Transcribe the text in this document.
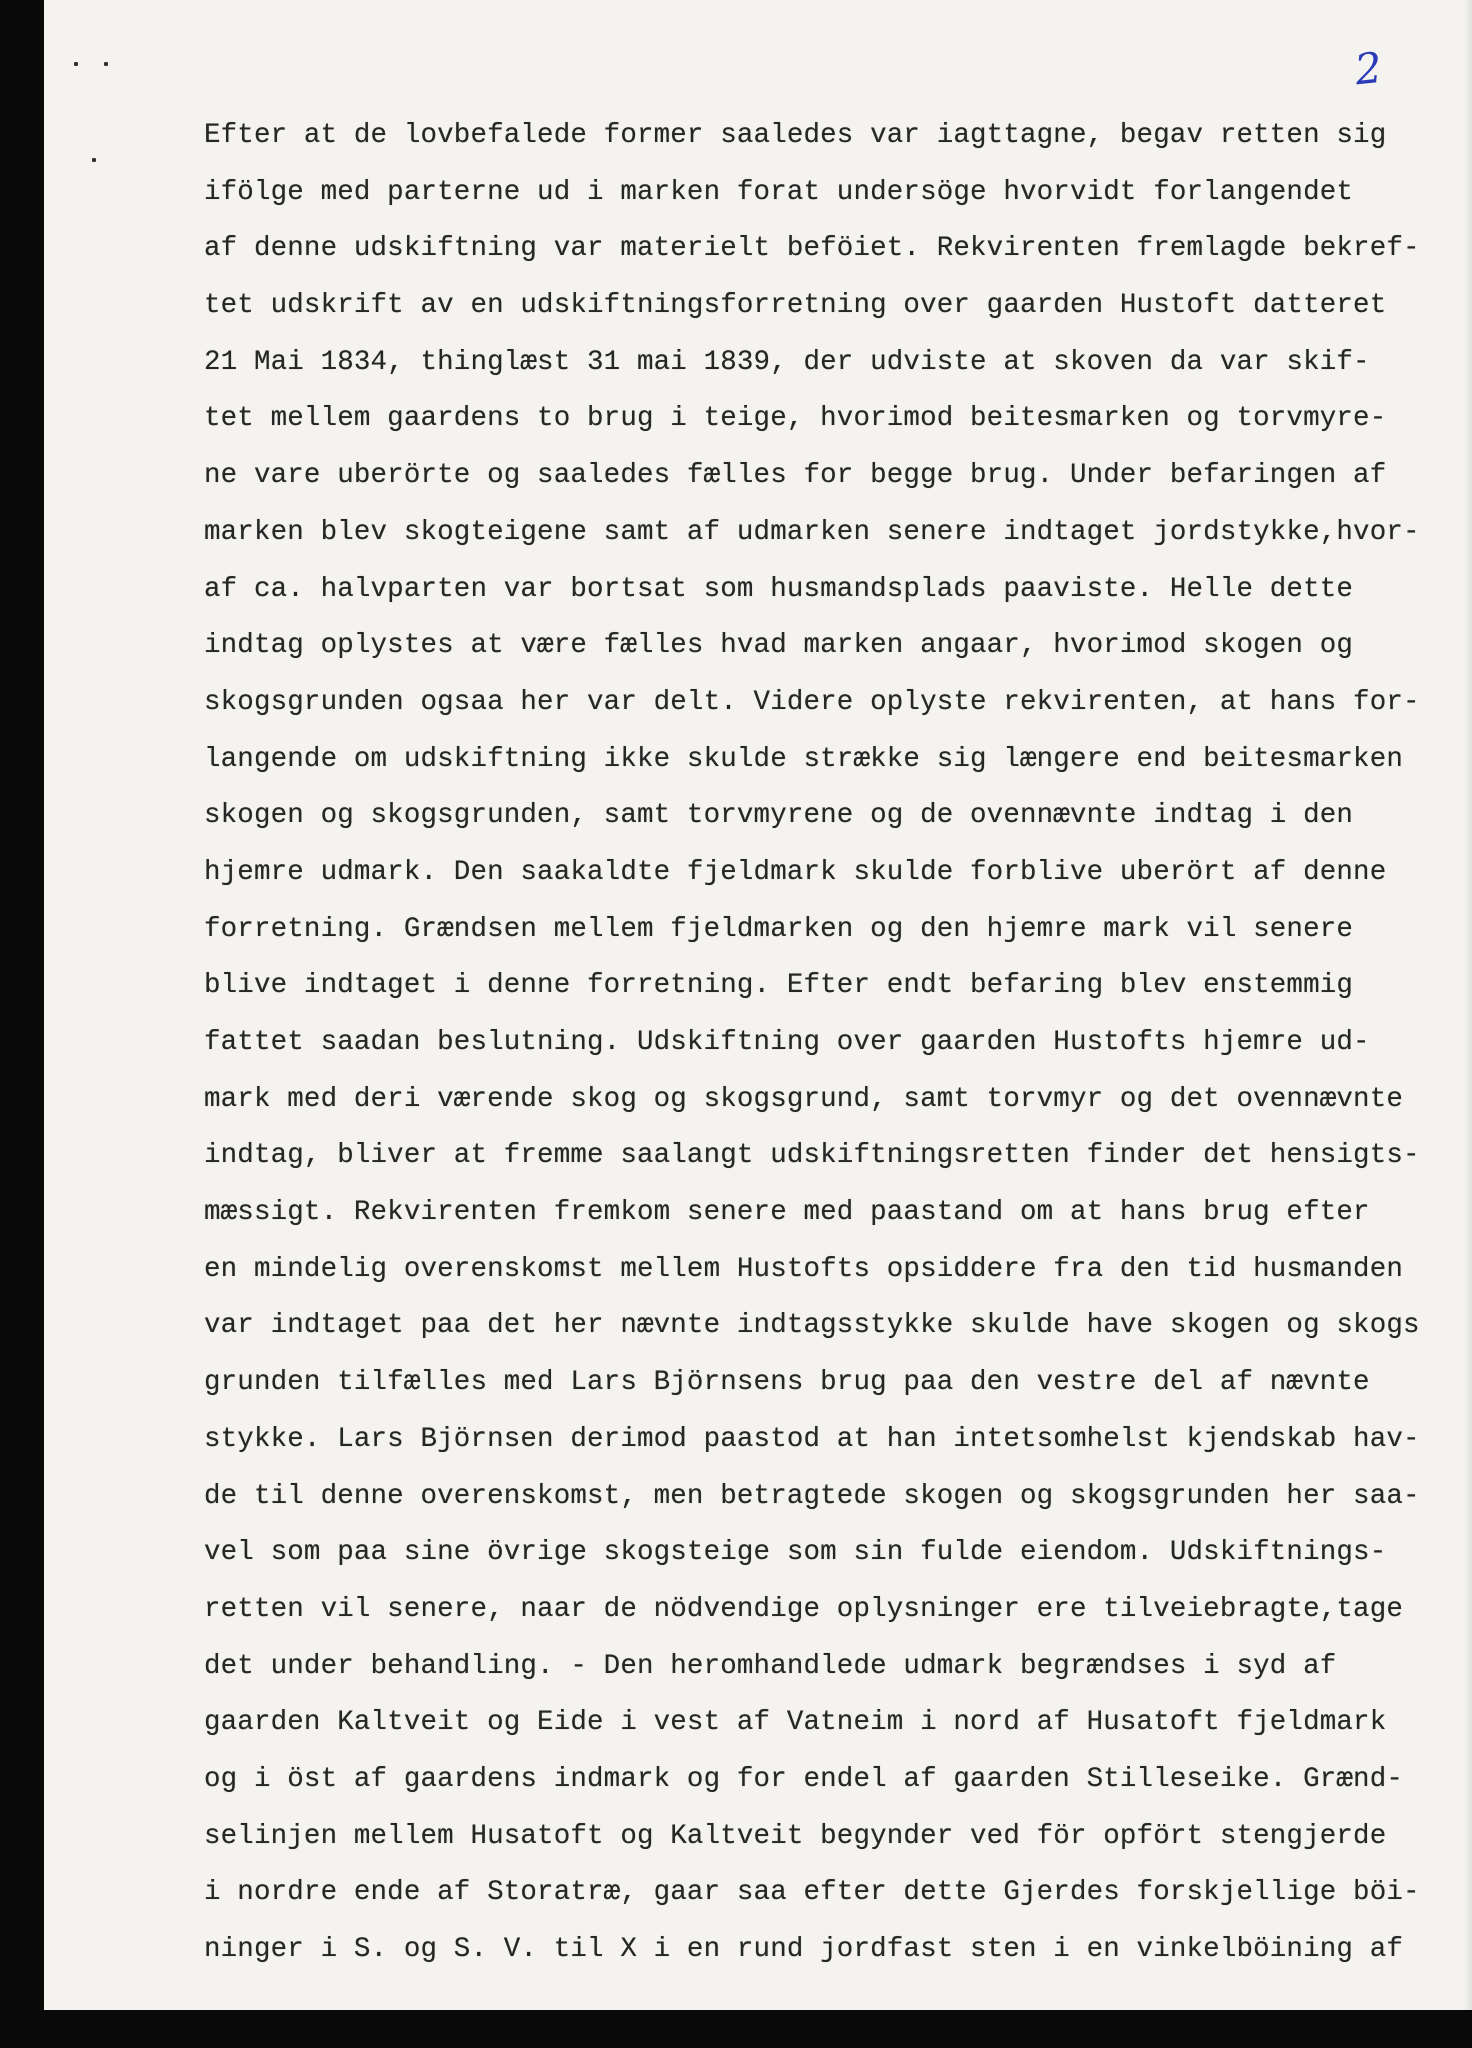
2
Efter at de lovbefalede former saaledes var iagttagne, begav retten sig
ifölge med parterne ud i marken forat undersöge hvorvidt forlangendet
af denne udskiftning var materielt beföiet. Rekvirenten fremlagde bekref-
tet udskrift av en udskiftningsforretning over gaarden Hustoft datteret
21 Mai 1834, thinglæst 31 mai 1839, der udviste at skoven da var skif-
tet mellem gaardens to brug i teige, hvorimod beitesmarken og torvmyre-
ne vare uberörte og saaledes fælles for begge brug. Under befaringen af
marken blev skogteigene samt af udmarken senere indtaget jordstykke,hvor-
af ca. halvparten var bortsat som husmandsplads paaviste. Helle dette
indtag oplystes at være fælles hvad marken angaar, hvorimod skogen og
skogsgrunden ogsaa her var delt. Videre oplyste rekvirenten, at hans for-
langende om udskiftning ikke skulde strække sig længere end beitesmarken
skogen og skogsgrunden, samt torvmyrene og de ovennævnte indtag i den
hjemre udmark. Den saakaldte fjeldmark skulde forblive uberört af denne
forretning. Grændsen mellem fjeldmarken og den hjemre mark vil senere
blive indtaget i denne forretning. Efter endt befaring blev enstemmig
fattet saadan beslutning. Udskiftning over gaarden Hustofts hjemre ud-
mark med deri værende skog og skogsgrund, samt torvmyr og det ovennævnte
indtag, bliver at fremme saalangt udskiftningsretten finder det hensigts-
mæssigt. Rekvirenten fremkom senere med paastand om at hans brug efter
en mindelig overenskomst mellem Hustofts opsiddere fra den tid husmanden
var indtaget paa det her nævnte indtagsstykke skulde have skogen og skogs
grunden tilfælles med Lars Björnsens brug paa den vestre del af nævnte
stykke. Lars Björnsen derimod paastod at han intetsomhelst kjendskab hav-
de til denne overenskomst, men betragtede skogen og skogsgrunden her saa-
vel som paa sine övrige skogsteige som sin fulde eiendom. Udskiftnings-
retten vil senere, naar de nödvendige oplysninger ere tilveiebragte,tage
det under behandling. - Den heromhandlede udmark begrændses i syd af
gaarden Kaltveit og Eide i vest af Vatneim i nord af Husatoft fjeldmark
og i öst af gaardens indmark og for endel af gaarden Stilleseike. Grænd-
selinjen mellem Husatoft og Kaltveit begynder ved för opfört stengjerde
i nordre ende af Storatræ, gaar saa efter dette Gjerdes forskjellige böi-
ninger i S. og S. V. til X i en rund jordfast sten i en vinkelböining af
